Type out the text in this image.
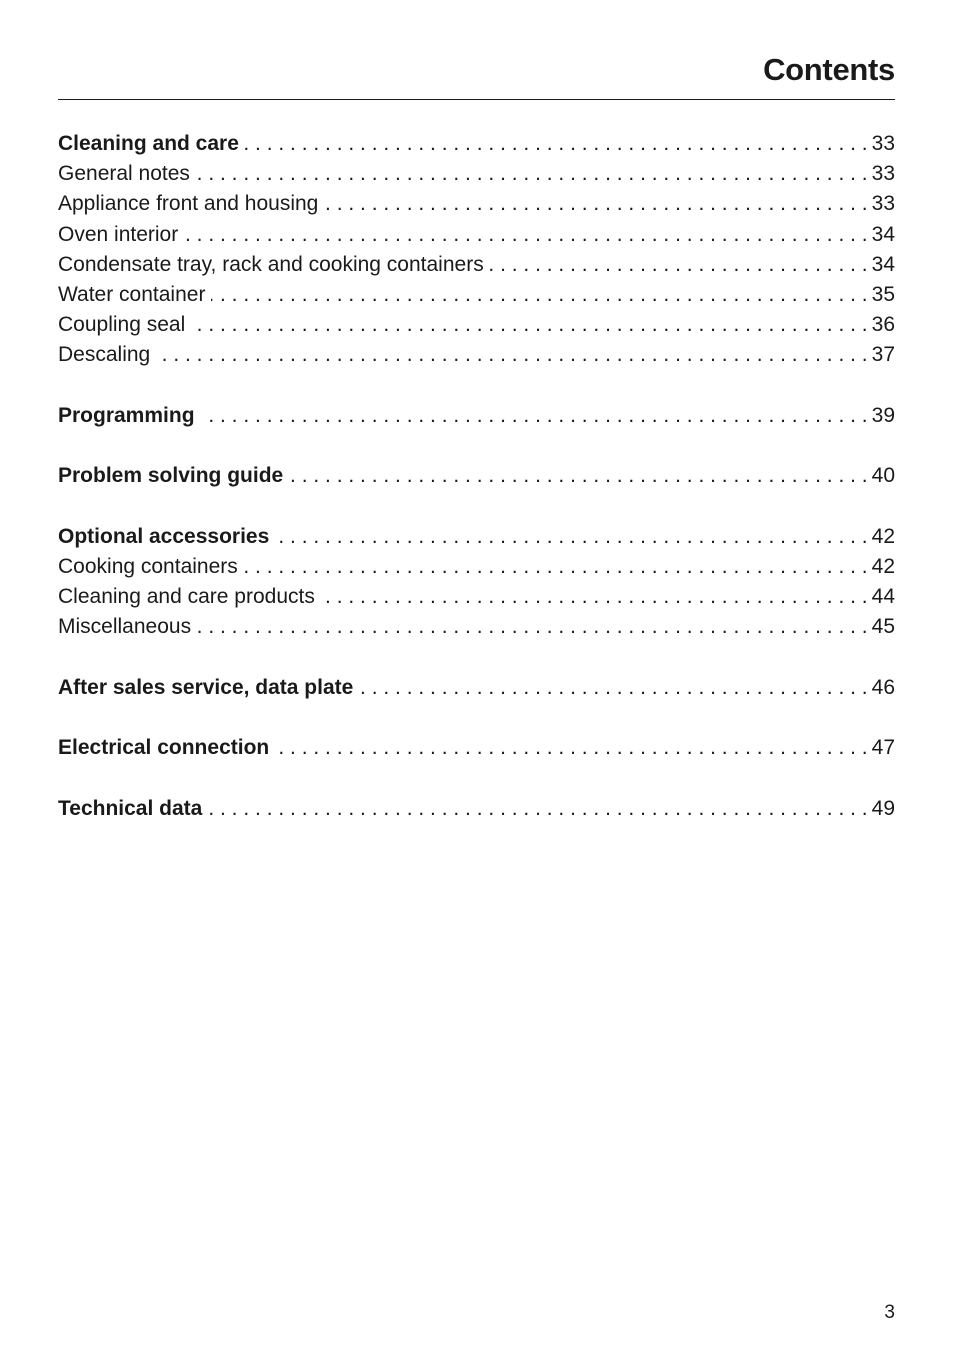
Contents
Cleaning and care . . .	33
General notes . . .	33
Appliance front and housing . . .	33
Oven interior . . .	34
Condensate tray, rack and cooking containers . . .	34
Water container . . .	35
Coupling seal . . .	36
Descaling . . .	37
Programming . . .	39
Problem solving guide . . .	40
Optional accessories . . .	42
Cooking containers . . .	42
Cleaning and care products . . .	44
Miscellaneous . . .	45
After sales service, data plate . . .	46
Electrical connection . . .	47
Technical data . . .	49
3
